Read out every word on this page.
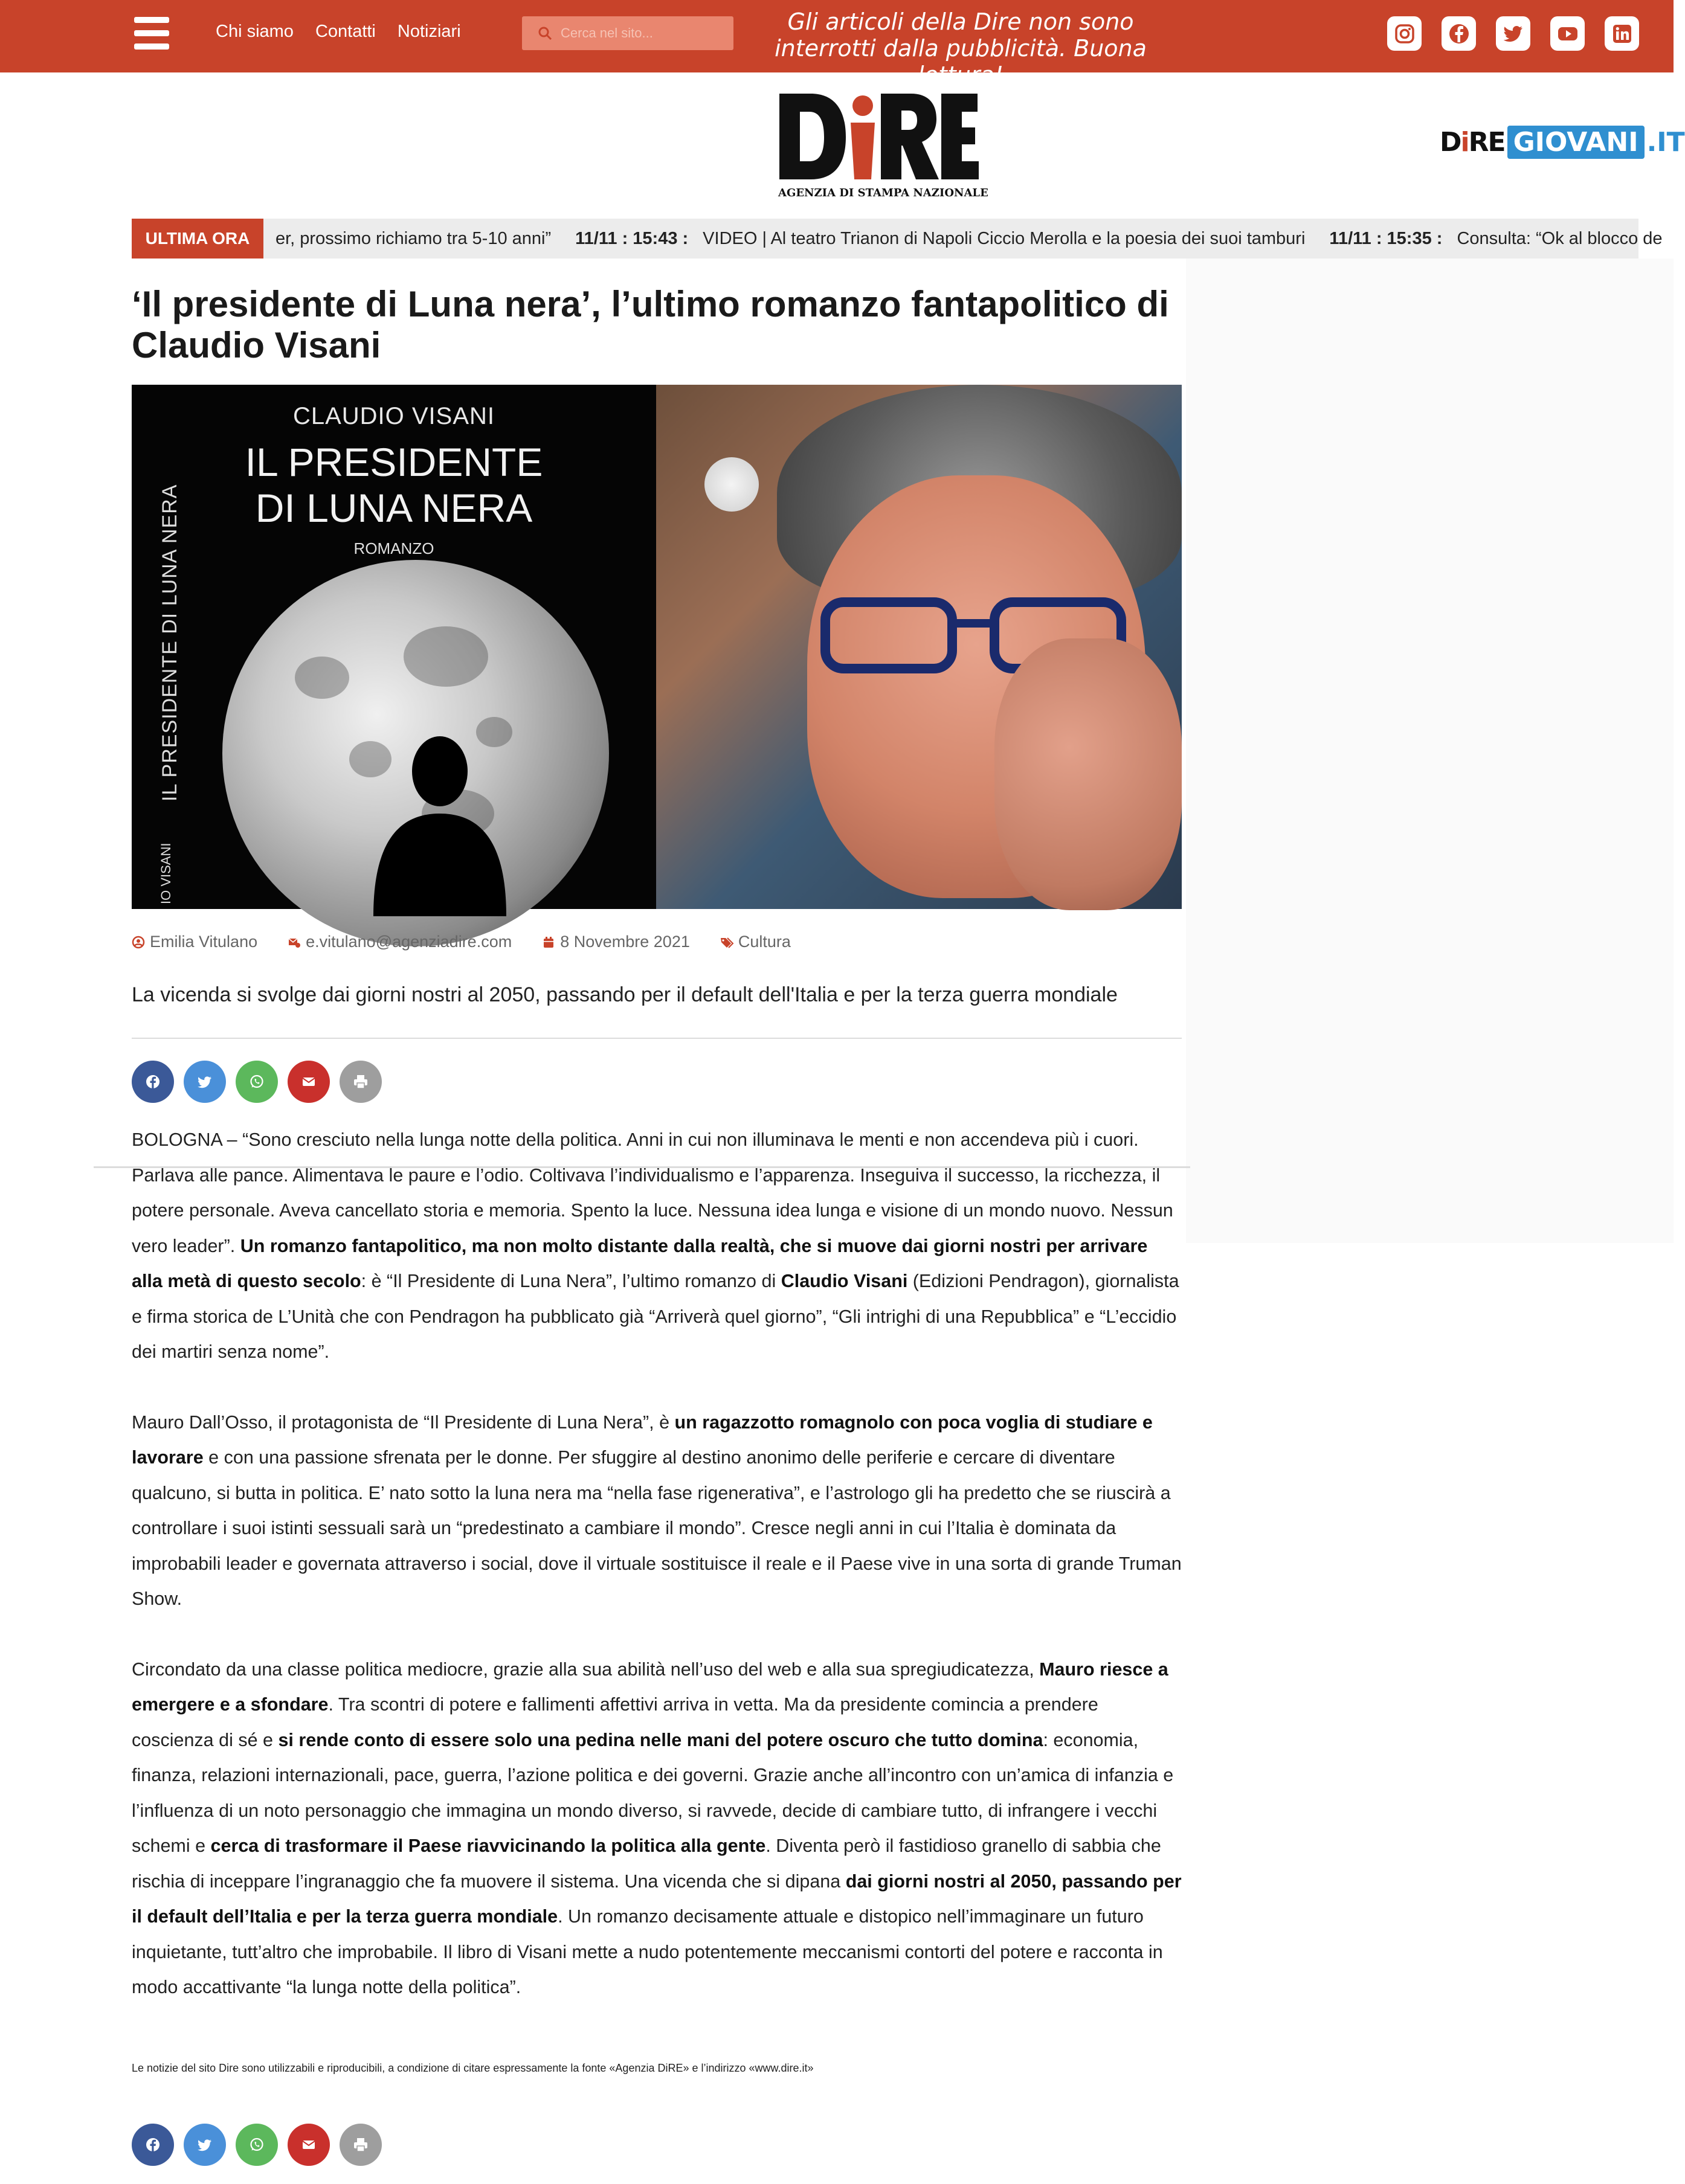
Chi siamo Contatti Notiziari
Cerca nel sito...	Gli articoli della Dire non sono interrotti dalla pubblicità. Buona lettura!
AGENZIA DI STAMPA NAZIONALE
DiRE GIOVANI .IT
ULTIMA ORA	er, prossimo richiamo tra 5-10 anni” 11/11 : 15:43 : VIDEO | Al teatro Trianon di Napoli Ciccio Merolla e la poesia dei suoi tamburi 11/11 : 15:35 : Consulta: “Ok al blocco de
‘Il presidente di Luna nera’, l’ultimo romanzo fantapolitico di Claudio Visani
CLAUDIO VISANI
IL PRESIDENTE
DI LUNA NERA
ROMANZO
IL PRESIDENTE DI LUNA NERA
IO VISANI
Emilia Vitulano	e.vitulano@agenziadire.com	8 Novembre 2021	Cultura

La vicenda si svolge dai giorni nostri al 2050, passando per il default dell'Italia e per la terza guerra mondiale

BOLOGNA – “Sono cresciuto nella lunga notte della politica. Anni in cui non illuminava le menti e non accendeva più i cuori. Parlava alle pance. Alimentava le paure e l’odio. Coltivava l’individualismo e l’apparenza. Inseguiva il successo, la ricchezza, il potere personale. Aveva cancellato storia e memoria. Spento la luce. Nessuna idea lunga e visione di un mondo nuovo. Nessun vero leader”. Un romanzo fantapolitico, ma non molto distante dalla realtà, che si muove dai giorni nostri per arrivare alla metà di questo secolo: è “Il Presidente di Luna Nera”, l’ultimo romanzo di Claudio Visani (Edizioni Pendragon), giornalista e firma storica de L’Unità che con Pendragon ha pubblicato già “Arriverà quel giorno”, “Gli intrighi di una Repubblica” e “L’eccidio dei martiri senza nome”.

Mauro Dall’Osso, il protagonista de “Il Presidente di Luna Nera”, è un ragazzotto romagnolo con poca voglia di studiare e lavorare e con una passione sfrenata per le donne. Per sfuggire al destino anonimo delle periferie e cercare di diventare qualcuno, si butta in politica. E’ nato sotto la luna nera ma “nella fase rigenerativa”, e l’astrologo gli ha predetto che se riuscirà a controllare i suoi istinti sessuali sarà un “predestinato a cambiare il mondo”. Cresce negli anni in cui l’Italia è dominata da improbabili leader e governata attraverso i social, dove il virtuale sostituisce il reale e il Paese vive in una sorta di grande Truman Show.

Circondato da una classe politica mediocre, grazie alla sua abilità nell’uso del web e alla sua spregiudicatezza, Mauro riesce a emergere e a sfondare. Tra scontri di potere e fallimenti affettivi arriva in vetta. Ma da presidente comincia a prendere coscienza di sé e si rende conto di essere solo una pedina nelle mani del potere oscuro che tutto domina: economia, finanza, relazioni internazionali, pace, guerra, l’azione politica e dei governi. Grazie anche all’incontro con un’amica di infanzia e l’influenza di un noto personaggio che immagina un mondo diverso, si ravvede, decide di cambiare tutto, di infrangere i vecchi schemi e cerca di trasformare il Paese riavvicinando la politica alla gente. Diventa però il fastidioso granello di sabbia che rischia di inceppare l’ingranaggio che fa muovere il sistema. Una vicenda che si dipana dai giorni nostri al 2050, passando per il default dell’Italia e per la terza guerra mondiale. Un romanzo decisamente attuale e distopico nell’immaginare un futuro inquietante, tutt’altro che improbabile. Il libro di Visani mette a nudo potentemente meccanismi contorti del potere e racconta in modo accattivante “la lunga notte della politica”.

Le notizie del sito Dire sono utilizzabili e riproducibili, a condizione di citare espressamente la fonte «Agenzia DiRE» e l’indirizzo «www.dire.it»
